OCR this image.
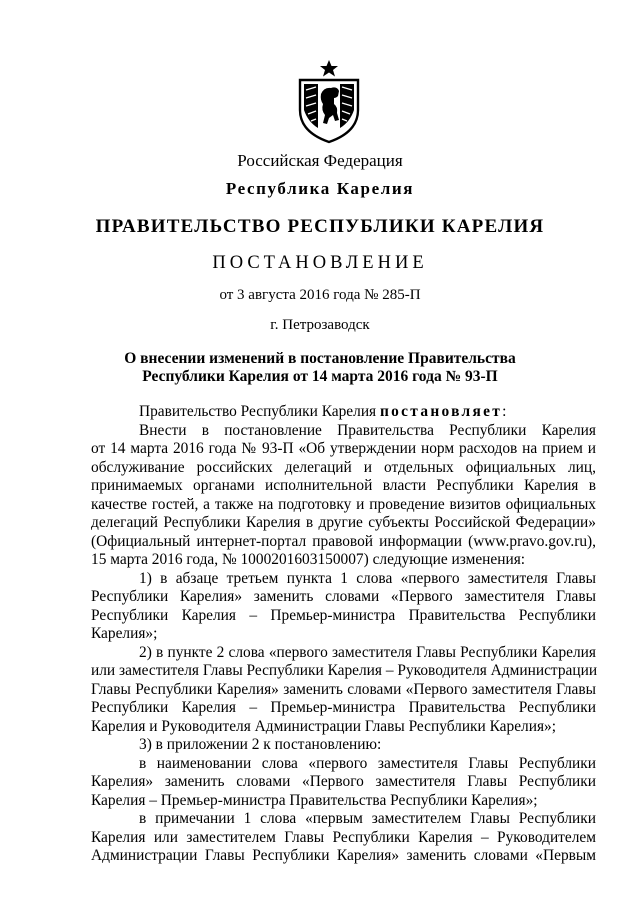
Российская Федерация
Республика Карелия
ПРАВИТЕЛЬСТВО РЕСПУБЛИКИ КАРЕЛИЯ
ПОСТАНОВЛЕНИЕ
от 3 августа 2016 года № 285-П
г. Петрозаводск
О внесении изменений в постановление Правительства
Республики Карелия от 14 марта 2016 года № 93-П
Правительство Республики Карелия постановляет:
Внести в постановление Правительства Республики Карелия
от 14 марта 2016 года № 93-П «Об утверждении норм расходов на прием и
обслуживание российских делегаций и отдельных официальных лиц,
принимаемых органами исполнительной власти Республики Карелия в
качестве гостей, а также на подготовку и проведение визитов официальных
делегаций Республики Карелия в другие субъекты Российской Федерации»
(Официальный интернет-портал правовой информации (www.pravo.gov.ru),
15 марта 2016 года, № 1000201603150007) следующие изменения:
1) в абзаце третьем пункта 1 слова «первого заместителя Главы
Республики Карелия» заменить словами «Первого заместителя Главы
Республики Карелия – Премьер-министра Правительства Республики
Карелия»;
2) в пункте 2 слова «первого заместителя Главы Республики Карелия
или заместителя Главы Республики Карелия – Руководителя Администрации
Главы Республики Карелия» заменить словами «Первого заместителя Главы
Республики Карелия – Премьер-министра Правительства Республики
Карелия и Руководителя Администрации Главы Республики Карелия»;
3) в приложении 2 к постановлению:
в наименовании слова «первого заместителя Главы Республики
Карелия» заменить словами «Первого заместителя Главы Республики
Карелия – Премьер-министра Правительства Республики Карелия»;
в примечании 1 слова «первым заместителем Главы Республики
Карелия или заместителем Главы Республики Карелия – Руководителем
Администрации Главы Республики Карелия» заменить словами «Первым
